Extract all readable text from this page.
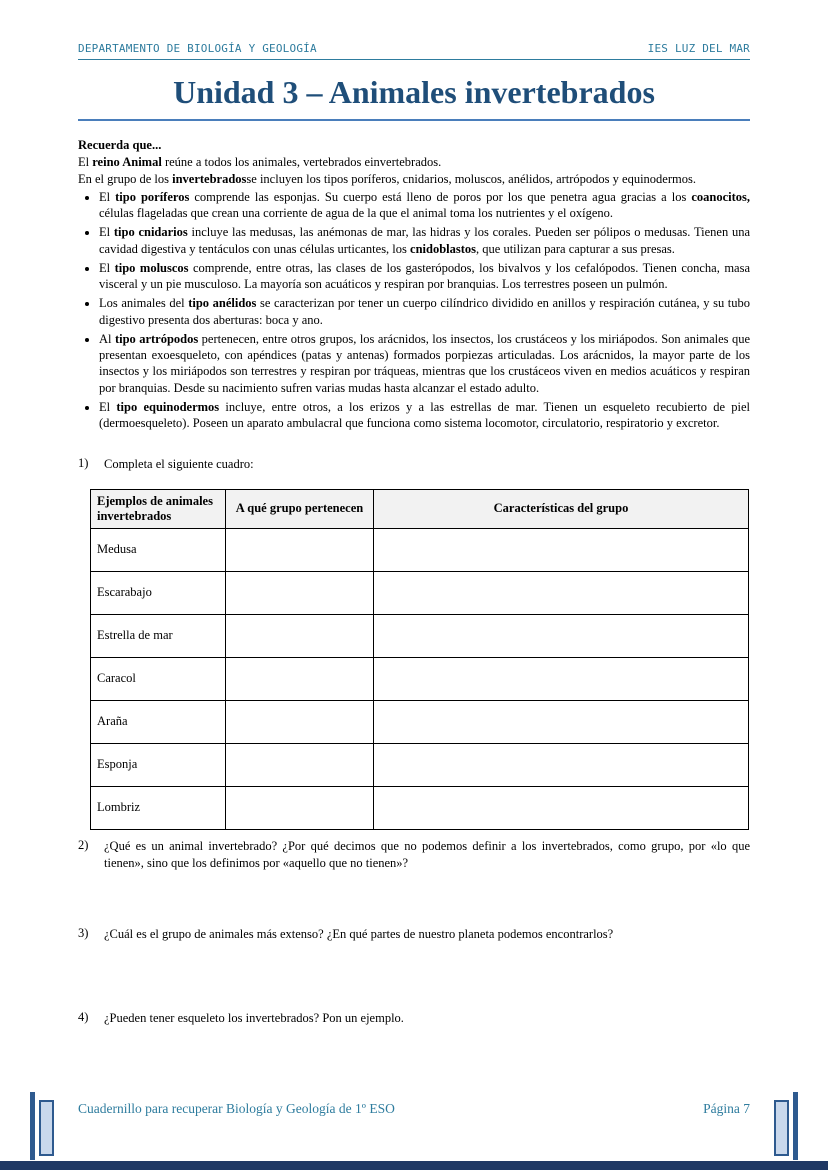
DEPARTAMENTO DE BIOLOGÍA Y GEOLOGÍA	IES LUZ DEL MAR
Unidad 3 – Animales invertebrados

Recuerda que...

El reino Animal reúne a todos los animales, vertebrados einvertebrados.

En el grupo de los invertebradosse incluyen los tipos poríferos, cnidarios, moluscos, anélidos, artrópodos y equinodermos.

• El tipo poríferos comprende las esponjas. Su cuerpo está lleno de poros por los que penetra agua gracias a los coanocitos, células flageladas que crean una corriente de agua de la que el animal toma los nutrientes y el oxígeno.
• El tipo cnidarios incluye las medusas, las anémonas de mar, las hidras y los corales. Pueden ser pólipos o medusas. Tienen una cavidad digestiva y tentáculos con unas células urticantes, los cnidoblastos, que utilizan para capturar a sus presas.
• El tipo moluscos comprende, entre otras, las clases de los gasterópodos, los bivalvos y los cefalópodos. Tienen concha, masa visceral y un pie musculoso. La mayoría son acuáticos y respiran por branquias. Los terrestres poseen un pulmón.
• Los animales del tipo anélidos se caracterizan por tener un cuerpo cilíndrico dividido en anillos y respiración cutánea, y su tubo digestivo presenta dos aberturas: boca y ano.
• Al tipo artrópodos pertenecen, entre otros grupos, los arácnidos, los insectos, los crustáceos y los miriápodos. Son animales que presentan exoesqueleto, con apéndices (patas y antenas) formados porpiezas articuladas. Los arácnidos, la mayor parte de los insectos y los miriápodos son terrestres y respiran por tráqueas, mientras que los crustáceos viven en medios acuáticos y respiran por branquias. Desde su nacimiento sufren varias mudas hasta alcanzar el estado adulto.
• El tipo equinodermos incluye, entre otros, a los erizos y a las estrellas de mar. Tienen un esqueleto recubierto de piel (dermoesqueleto). Poseen un aparato ambulacral que funciona como sistema locomotor, circulatorio, respiratorio y excretor.
1)	Completa el siguiente cuadro:
Ejemplos de animales invertebrados	A qué grupo pertenecen	Características del grupo
Medusa		
Escarabajo		
Estrella de mar		
Caracol		
Araña		
Esponja		
Lombriz		
2)	¿Qué es un animal invertebrado? ¿Por qué decimos que no podemos definir a los invertebrados, como grupo, por «lo que tienen», sino que los definimos por «aquello que no tienen»?
3)	¿Cuál es el grupo de animales más extenso? ¿En qué partes de nuestro planeta podemos encontrarlos?
4)	¿Pueden tener esqueleto los invertebrados? Pon un ejemplo.
Cuadernillo para recuperar Biología y Geología de 1º ESO	Página 7
